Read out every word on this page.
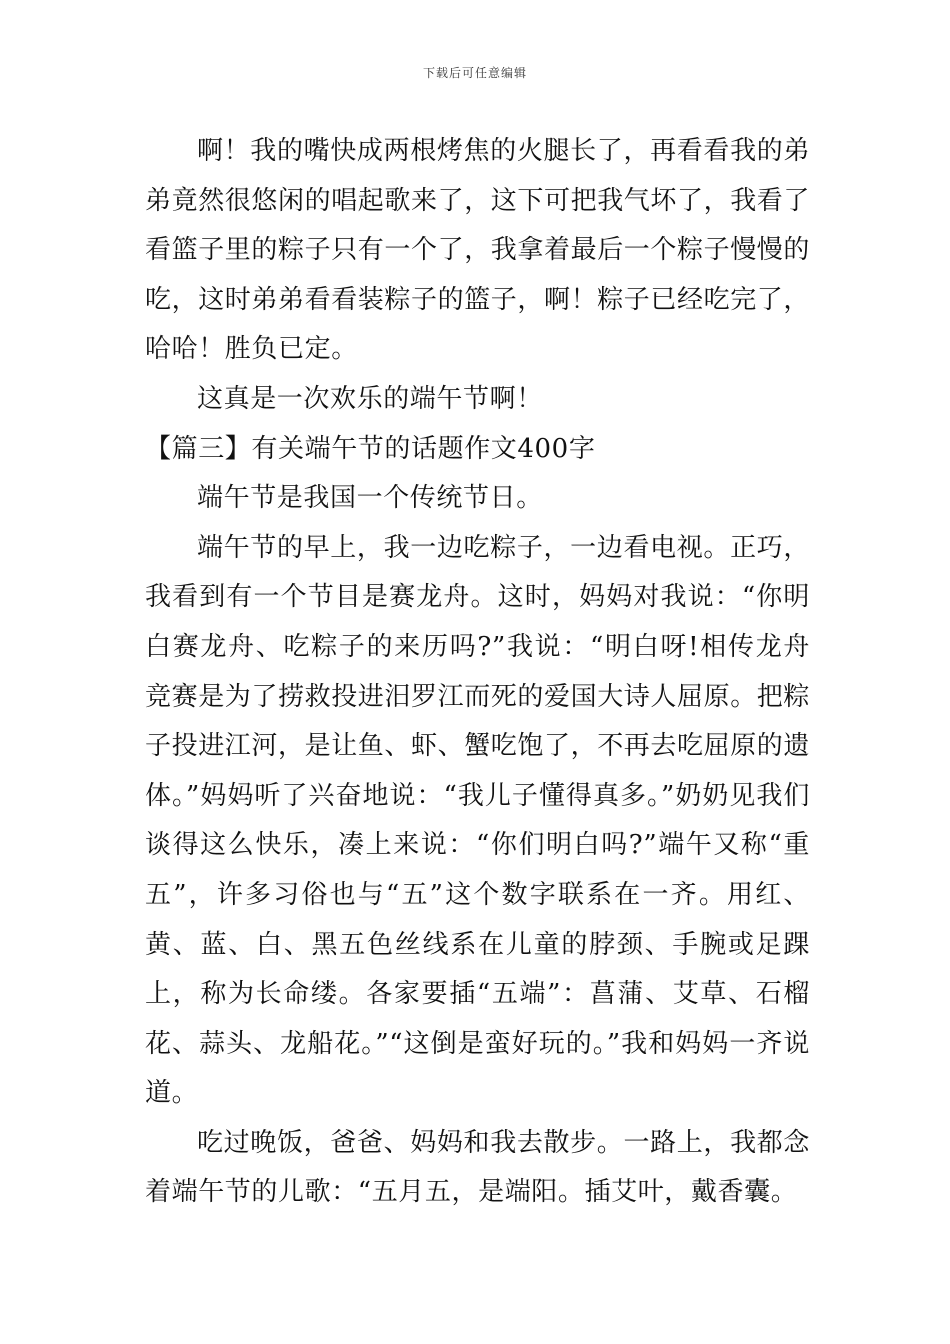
下载后可任意编辑

啊！我的嘴快成两根烤焦的火腿长了，再看看我的弟弟竟然很悠闲的唱起歌来了，这下可把我气坏了，我看了看篮子里的粽子只有一个了，我拿着最后一个粽子慢慢的吃，这时弟弟看看装粽子的篮子，啊！粽子已经吃完了，哈哈！胜负已定。

这真是一次欢乐的端午节啊！

【篇三】有关端午节的话题作文400字

端午节是我国一个传统节日。

端午节的早上，我一边吃粽子，一边看电视。正巧，我看到有一个节目是赛龙舟。这时，妈妈对我说：“你明白赛龙舟、吃粽子的来历吗?”我说：“明白呀!相传龙舟竞赛是为了捞救投进汨罗江而死的爱国大诗人屈原。把粽子投进江河，是让鱼、虾、蟹吃饱了，不再去吃屈原的遗体。”妈妈听了兴奋地说：“我儿子懂得真多。”奶奶见我们谈得这么快乐，凑上来说：“你们明白吗?”端午又称“重五”，许多习俗也与“五”这个数字联系在一齐。用红、黄、蓝、白、黑五色丝线系在儿童的脖颈、手腕或足踝上，称为长命缕。各家要插“五端”：菖蒲、艾草、石榴花、蒜头、龙船花。”“这倒是蛮好玩的。”我和妈妈一齐说道。

吃过晚饭，爸爸、妈妈和我去散步。一路上，我都念着端午节的儿歌：“五月五，是端阳。插艾叶，戴香囊。
